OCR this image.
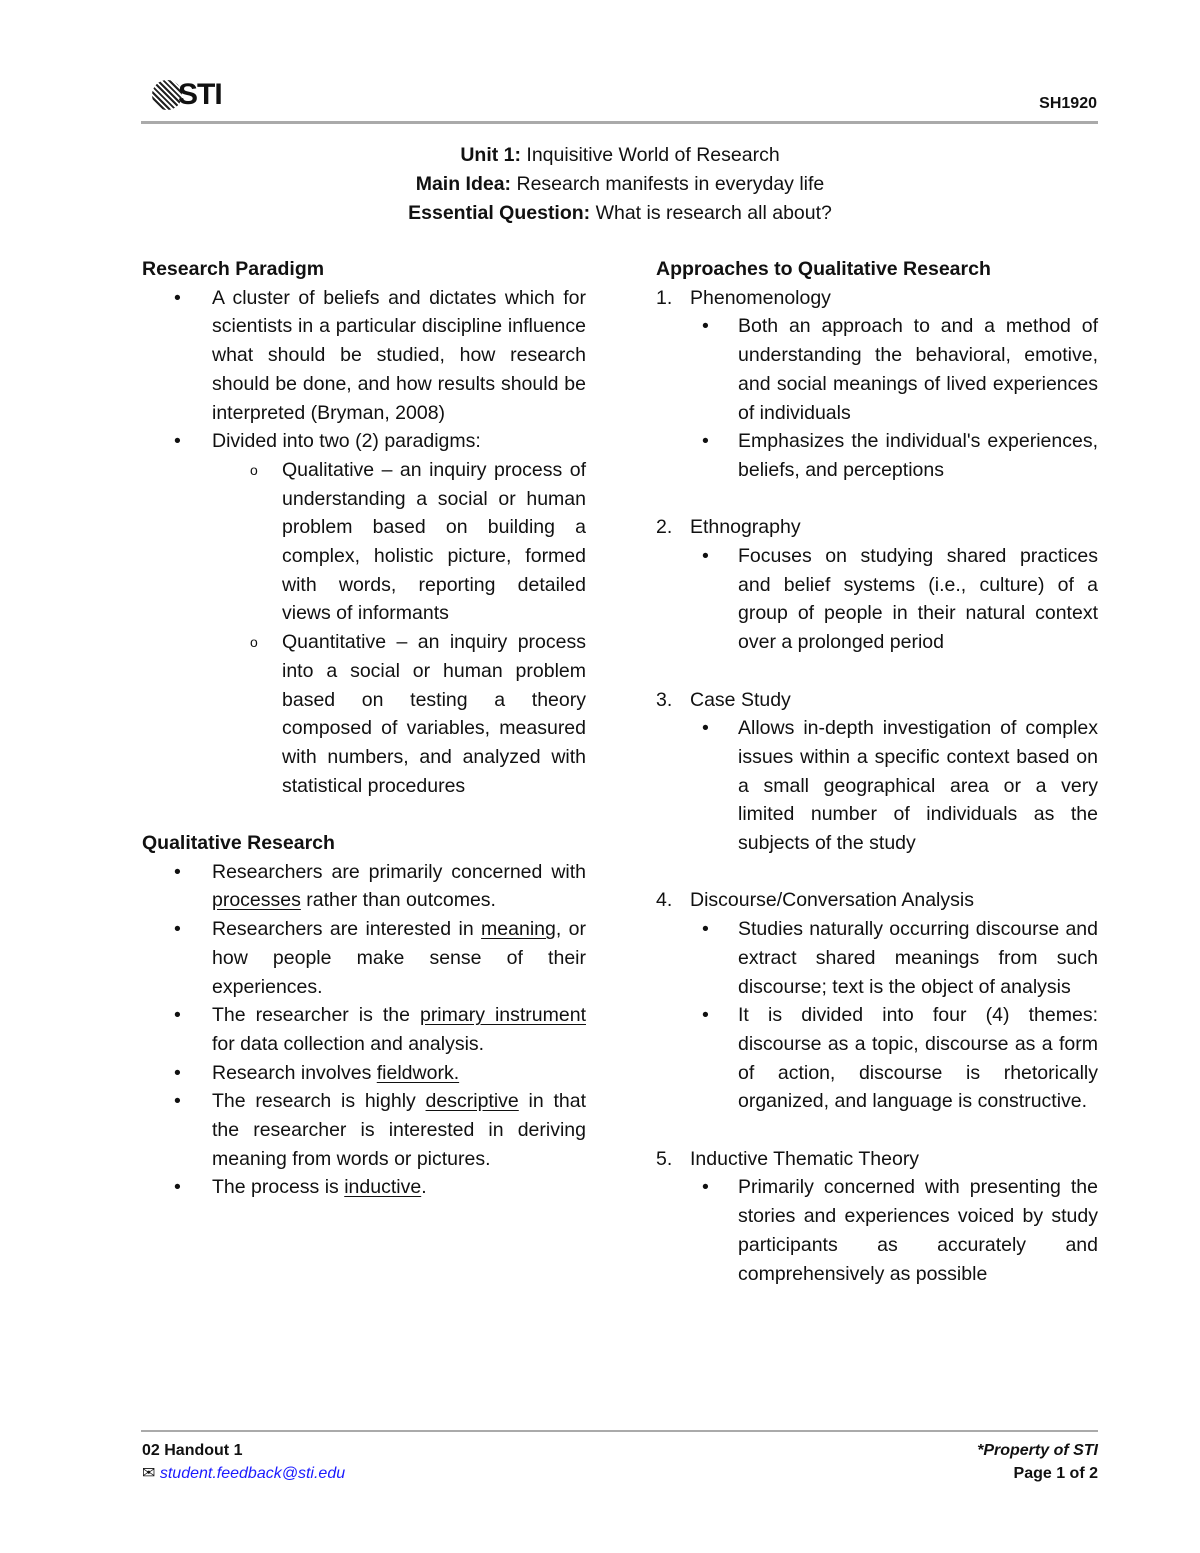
STI	SH1920
Unit 1: Inquisitive World of Research
Main Idea: Research manifests in everyday life
Essential Question: What is research all about?
Research Paradigm
• A cluster of beliefs and dictates which for scientists in a particular discipline influence what should be studied, how research should be done, and how results should be interpreted (Bryman, 2008)
• Divided into two (2) paradigms:
o Qualitative – an inquiry process of understanding a social or human problem based on building a complex, holistic picture, formed with words, reporting detailed views of informants
o Quantitative – an inquiry process into a social or human problem based on testing a theory composed of variables, measured with numbers, and analyzed with statistical procedures
Qualitative Research
• Researchers are primarily concerned with processes rather than outcomes.
• Researchers are interested in meaning, or how people make sense of their experiences.
• The researcher is the primary instrument for data collection and analysis.
• Research involves fieldwork.
• The research is highly descriptive in that the researcher is interested in deriving meaning from words or pictures.
• The process is inductive.
Approaches to Qualitative Research
1. Phenomenology
• Both an approach to and a method of understanding the behavioral, emotive, and social meanings of lived experiences of individuals
• Emphasizes the individual's experiences, beliefs, and perceptions
2. Ethnography
• Focuses on studying shared practices and belief systems (i.e., culture) of a group of people in their natural context over a prolonged period
3. Case Study
• Allows in-depth investigation of complex issues within a specific context based on a small geographical area or a very limited number of individuals as the subjects of the study
4. Discourse/Conversation Analysis
• Studies naturally occurring discourse and extract shared meanings from such discourse; text is the object of analysis
• It is divided into four (4) themes: discourse as a topic, discourse as a form of action, discourse is rhetorically organized, and language is constructive.
5. Inductive Thematic Theory
• Primarily concerned with presenting the stories and experiences voiced by study participants as accurately and comprehensively as possible
02 Handout 1
✉ student.feedback@sti.edu
*Property of STI
Page 1 of 2
